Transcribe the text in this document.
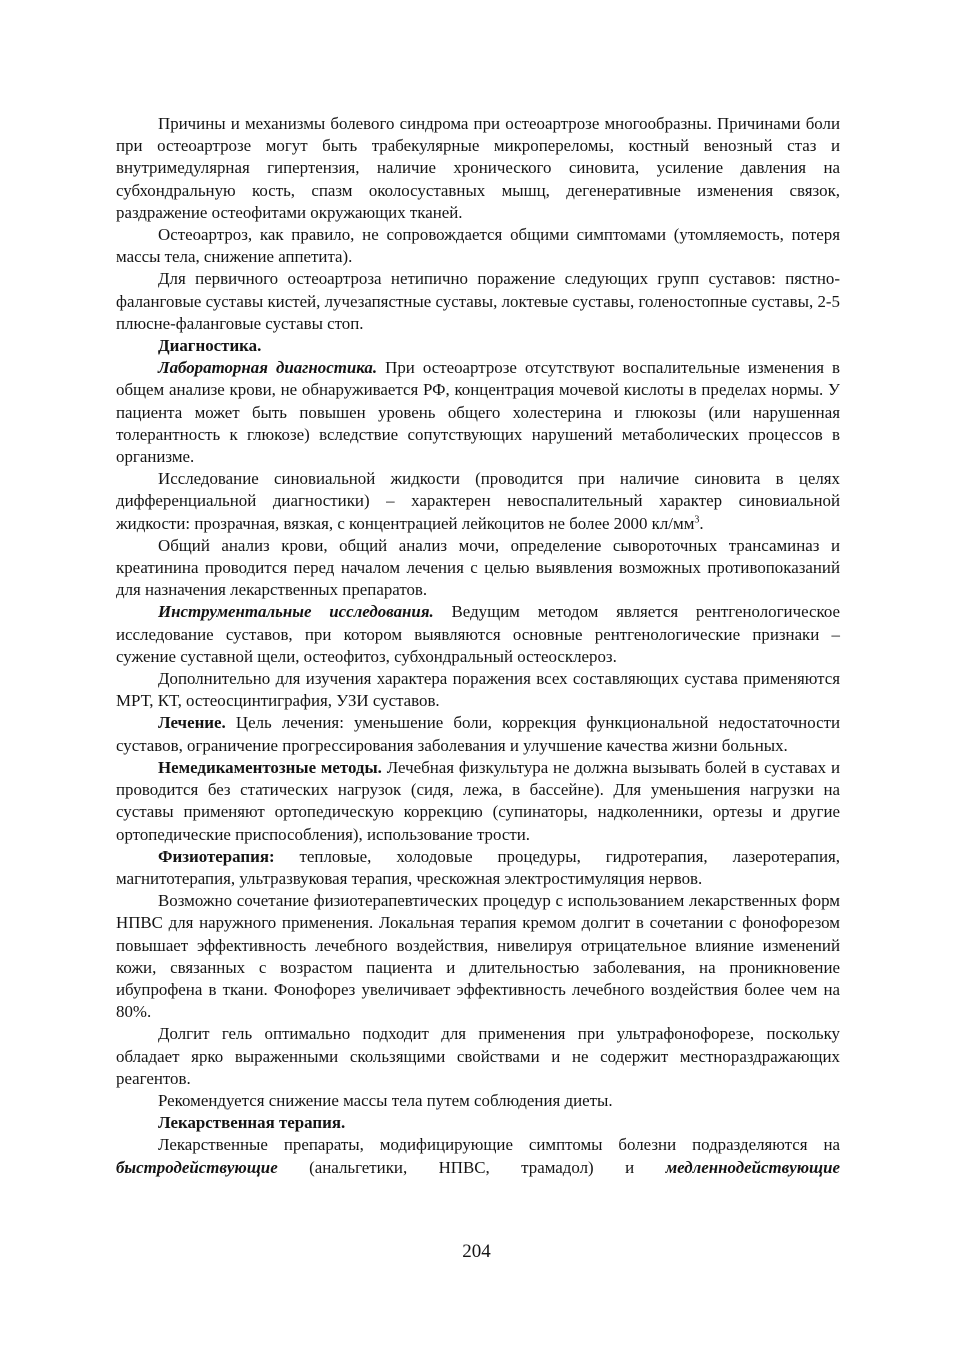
Причины и механизмы болевого синдрома при остеоартрозе многообразны. Причинами боли при остеоартрозе могут быть трабекулярные микропереломы, костный венозный стаз и внутримедулярная гипертензия, наличие хронического синовита, усиление давления на субхондральную кость, спазм околосуставных мышц, дегенеративные изменения связок, раздражение остеофитами окружающих тканей.

Остеоартроз, как правило, не сопровождается общими симптомами (утомляемость, потеря массы тела, снижение аппетита).

Для первичного остеоартроза нетипично поражение следующих групп суставов: пястно-фаланговые суставы кистей, лучезапястные суставы, локтевые суставы, голеностопные суставы, 2-5 плюсне-фаланговые суставы стоп.

Диагностика.

Лабораторная диагностика. При остеоартрозе отсутствуют воспалительные изменения в общем анализе крови, не обнаруживается РФ, концентрация мочевой кислоты в пределах нормы. У пациента может быть повышен уровень общего холестерина и глюкозы (или нарушенная толерантность к глюкозе) вследствие сопутствующих нарушений метаболических процессов в организме.

Исследование синовиальной жидкости (проводится при наличие синовита в целях дифференциальной диагностики) – характерен невоспалительный характер синовиальной жидкости: прозрачная, вязкая, с концентрацией лейкоцитов не более 2000 $кл/мм^3$.

Общий анализ крови, общий анализ мочи, определение сывороточных трансаминаз и креатинина проводится перед началом лечения с целью выявления возможных противопоказаний для назначения лекарственных препаратов.

Инструментальные исследования. Ведущим методом является рентгенологическое исследование суставов, при котором выявляются основные рентгенологические признаки – сужение суставной щели, остеофитоз, субхондральный остеосклероз.

Дополнительно для изучения характера поражения всех составляющих сустава применяются МРТ, КТ, остеосцинтиграфия, УЗИ суставов.

Лечение. Цель лечения: уменьшение боли, коррекция функциональной недостаточности суставов, ограничение прогрессирования заболевания и улучшение качества жизни больных.

Немедикаментозные методы. Лечебная физкультура не должна вызывать болей в суставах и проводится без статических нагрузок (сидя, лежа, в бассейне). Для уменьшения нагрузки на суставы применяют ортопедическую коррекцию (супинаторы, надколенники, ортезы и другие ортопедические приспособления), использование трости.

Физиотерапия: тепловые, холодовые процедуры, гидротерапия, лазеротерапия, магнитотерапия, ультразвуковая терапия, чрескожная электростимуляция нервов.

Возможно сочетание физиотерапевтических процедур с использованием лекарственных форм НПВС для наружного применения. Локальная терапия кремом долгит в сочетании с фонофорезом повышает эффективность лечебного воздействия, нивелируя отрицательное влияние изменений кожи, связанных с возрастом пациента и длительностью заболевания, на проникновение ибупрофена в ткани. Фонофорез увеличивает эффективность лечебного воздействия более чем на 80%.

Долгит гель оптимально подходит для применения при ультрафонофорезе, поскольку обладает ярко выраженными скользящими свойствами и не содержит местнораздражающих реагентов.

Рекомендуется снижение массы тела путем соблюдения диеты.

Лекарственная терапия.

Лекарственные препараты, модифицирующие симптомы болезни подразделяются на быстродействующие (анальгетики, НПВС, трамадол) и медленнодействующие

204
